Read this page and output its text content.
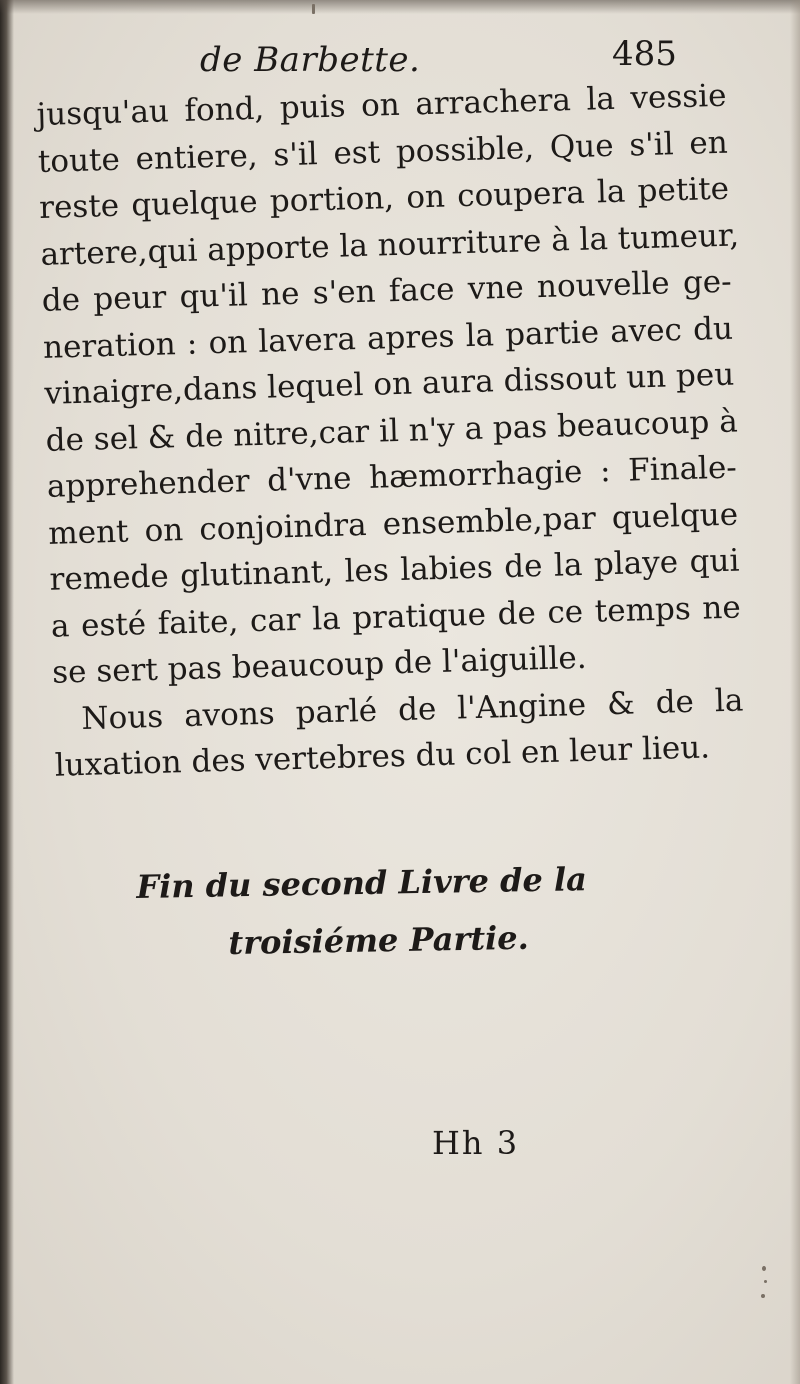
de Barbette.	485
jusqu'au fond, puis on arrachera la vessie
toute entiere, s'il est possible, Que s'il en
reste quelque portion, on coupera la petite
artere,qui apporte la nourriture à la tumeur,
de peur qu'il ne s'en face vne nouvelle ge-
neration : on lavera apres la partie avec du
vinaigre,dans lequel on aura dissout un peu
de sel & de nitre,car il n'y a pas beaucoup à
apprehender d'vne hæmorrhagie : Finale-
ment on conjoindra ensemble,par quelque
remede glutinant, les labies de la playe qui
a esté faite, car la pratique de ce temps ne
se sert pas beaucoup de l'aiguille.
Nous avons parlé de l'Angine & de la
luxation des vertebres du col en leur lieu.
Fin du second Livre de la
troisiéme Partie.
Hh 3
